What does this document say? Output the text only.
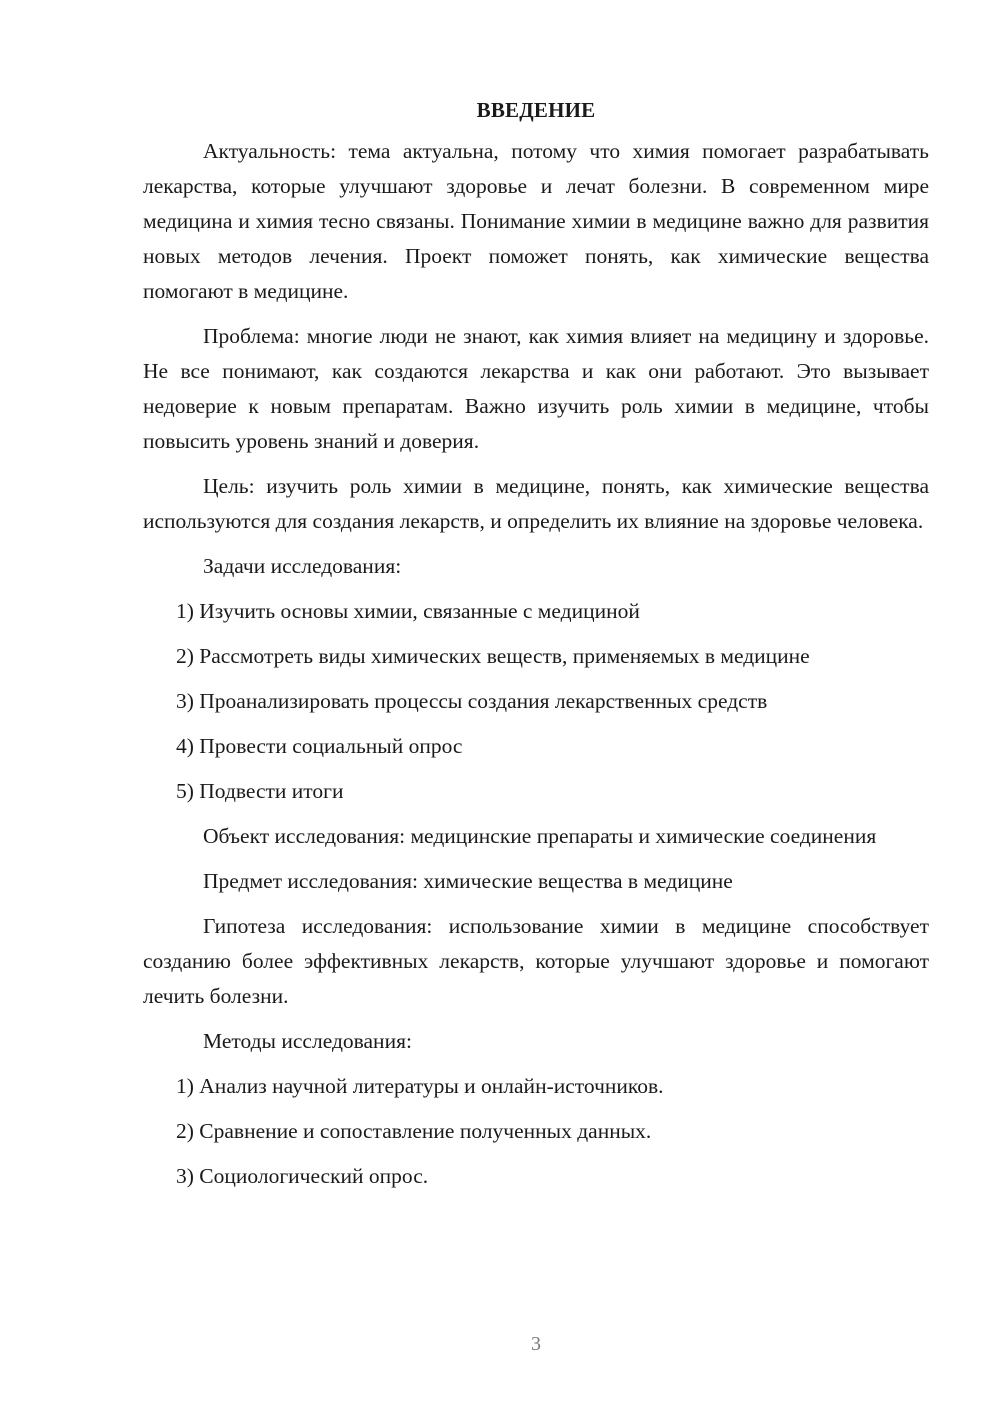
ВВЕДЕНИЕ

Актуальность: тема актуальна, потому что химия помогает разрабатывать лекарства, которые улучшают здоровье и лечат болезни. В современном мире медицина и химия тесно связаны. Понимание химии в медицине важно для развития новых методов лечения. Проект поможет понять, как химические вещества помогают в медицине.

Проблема: многие люди не знают, как химия влияет на медицину и здоровье. Не все понимают, как создаются лекарства и как они работают. Это вызывает недоверие к новым препаратам. Важно изучить роль химии в медицине, чтобы повысить уровень знаний и доверия.

Цель: изучить роль химии в медицине, понять, как химические вещества используются для создания лекарств, и определить их влияние на здоровье человека.

Задачи исследования:

1) Изучить основы химии, связанные с медициной
2) Рассмотреть виды химических веществ, применяемых в медицине
3) Проанализировать процессы создания лекарственных средств
4) Провести социальный опрос
5) Подвести итоги

Объект исследования: медицинские препараты и химические соединения

Предмет исследования: химические вещества в медицине

Гипотеза исследования: использование химии в медицине способствует созданию более эффективных лекарств, которые улучшают здоровье и помогают лечить болезни.

Методы исследования:

1) Анализ научной литературы и онлайн-источников.
2) Сравнение и сопоставление полученных данных.
3) Социологический опрос.
3
